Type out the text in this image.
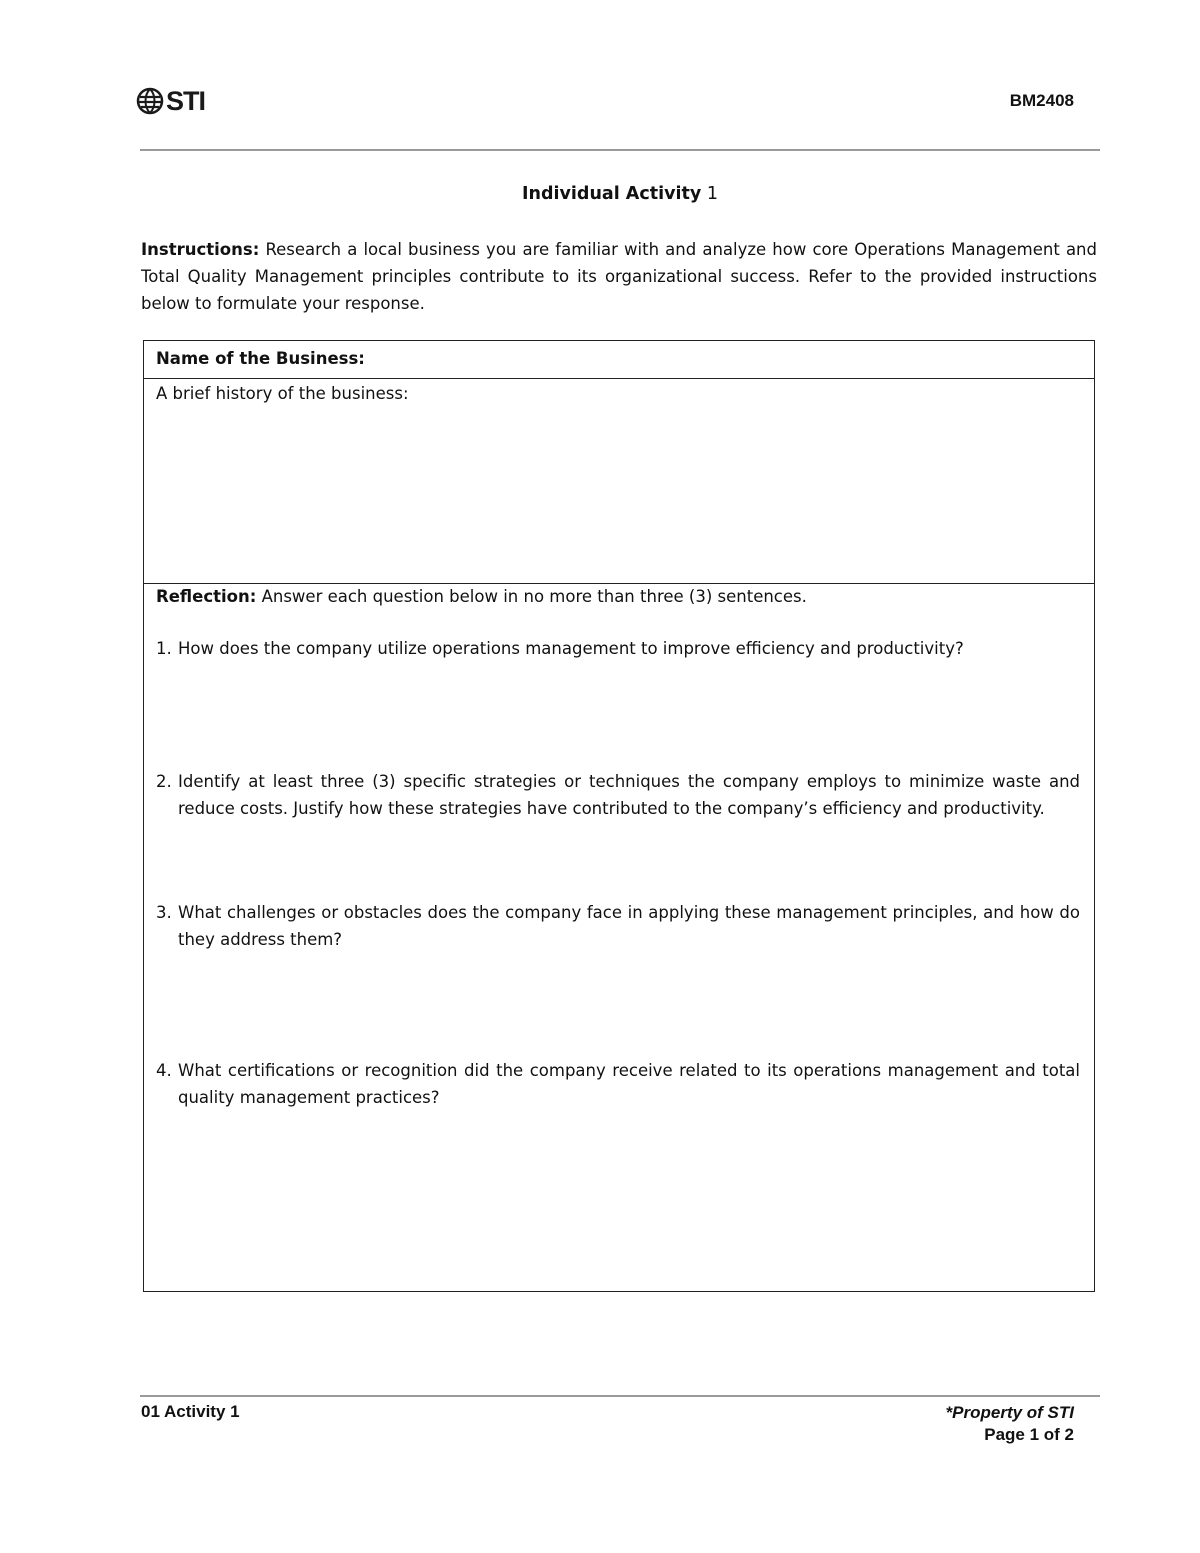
STI	BM2408
Individual Activity 1
Instructions: Research a local business you are familiar with and analyze how core Operations Management and Total Quality Management principles contribute to its organizational success. Refer to the provided instructions below to formulate your response.
Name of the Business:
A brief history of the business:
Reflection: Answer each question below in no more than three (3) sentences.
1. How does the company utilize operations management to improve efficiency and productivity?
2. Identify at least three (3) specific strategies or techniques the company employs to minimize waste and reduce costs. Justify how these strategies have contributed to the company’s efficiency and productivity.
3. What challenges or obstacles does the company face in applying these management principles, and how do they address them?
4. What certifications or recognition did the company receive related to its operations management and total quality management practices?
01 Activity 1	*Property of STI
Page 1 of 2
